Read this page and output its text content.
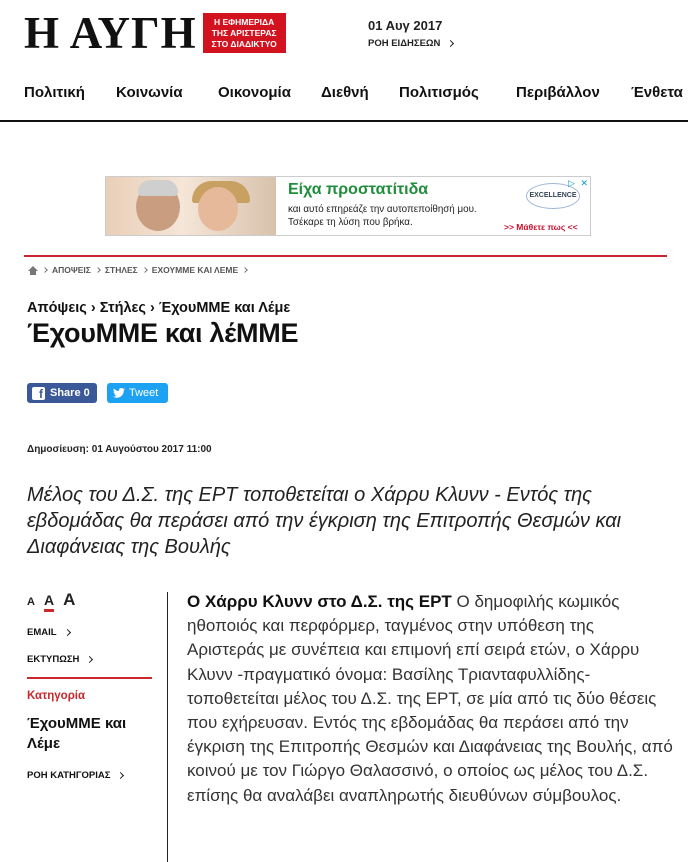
Η ΑΥΓΗ	Η ΕΦΗΜΕΡΙΔΑ
ΤΗΣ ΑΡΙΣΤΕΡΑΣ
ΣΤΟ ΔΙΑΔΙΚΤΥΟ
01 Αυγ 2017
ΡΟΗ ΕΙΔΗΣΕΩΝ
Πολιτική Κοινωνία Οικονομία Διεθνή Πολιτισμός Περιβάλλον Ένθετα
Είχα προστατίτιδα
και αυτό επηρεάζε την αυτοπεποίθησή μου.
Τσέκαρε τη λύση που βρήκα.
EXCELLENCE
>> Μάθετε πως <<
▷ ✕
ΑΠΟΨΕΙΣ ΣΤΗΛΕΣ ΕΧΟΥΜΜΕ ΚΑΙ ΛΕΜΕ
Απόψεις › Στήλες › ΈχουΜΜΕ και Λέμε
ΈχουΜΜΕ και λέΜΜΕ
f Share 0	Tweet
Δημοσίευση: 01 Αυγούστου 2017 11:00

Μέλος του Δ.Σ. της ΕΡΤ τοποθετείται ο Χάρρυ Κλυνν - Εντός της εβδομάδας θα περάσει από την έγκριση της Επιτροπής Θεσμών και Διαφάνειας της Βουλής

A A A
EMAIL
ΕΚΤΥΠΩΣΗ
Κατηγορία
ΈχουΜΜΕ και Λέμε
ΡΟΗ ΚΑΤΗΓΟΡΙΑΣ
Ο Χάρρυ Κλυνν στο Δ.Σ. της ΕΡΤ Ο δημοφιλής κωμικός ηθοποιός και περφόρμερ, ταγμένος στην υπόθεση της Αριστεράς με συνέπεια και επιμονή επί σειρά ετών, ο Χάρρυ Κλυνν -πραγματικό όνομα: Βασίλης Τριανταφυλλίδης- τοποθετείται μέλος του Δ.Σ. της ΕΡΤ, σε μία από τις δύο θέσεις που εχήρευσαν. Εντός της εβδομάδας θα περάσει από την έγκριση της Επιτροπής Θεσμών και Διαφάνειας της Βουλής, από κοινού με τον Γιώργο Θαλασσινό, ο οποίος ως μέλος του Δ.Σ. επίσης θα αναλάβει αναπληρωτής διευθύνων σύμβουλος.
